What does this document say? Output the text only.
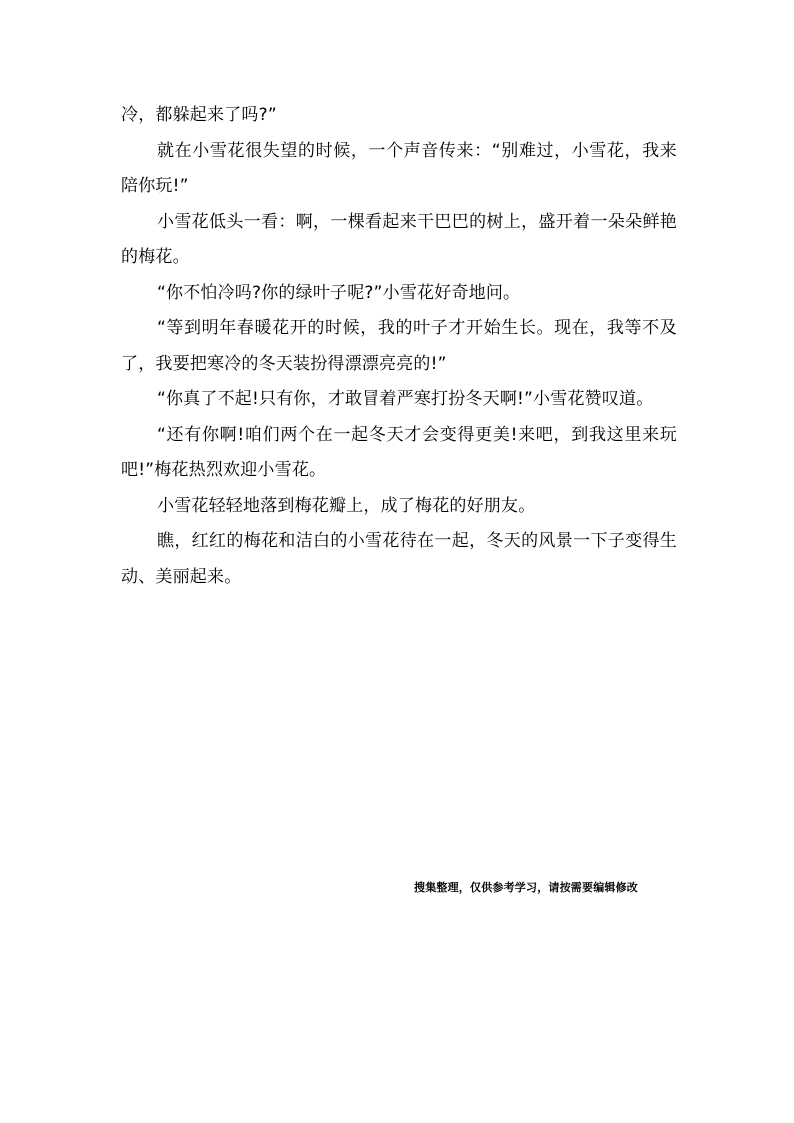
冷，都躲起来了吗?”

就在小雪花很失望的时候，一个声音传来：“别难过，小雪花，我来陪你玩!”

小雪花低头一看：啊，一棵看起来干巴巴的树上，盛开着一朵朵鲜艳的梅花。

“你不怕冷吗?你的绿叶子呢?”小雪花好奇地问。

“等到明年春暖花开的时候，我的叶子才开始生长。现在，我等不及了，我要把寒冷的冬天装扮得漂漂亮亮的!”

“你真了不起!只有你，才敢冒着严寒打扮冬天啊!”小雪花赞叹道。

“还有你啊!咱们两个在一起冬天才会变得更美!来吧，到我这里来玩吧!”梅花热烈欢迎小雪花。

小雪花轻轻地落到梅花瓣上，成了梅花的好朋友。

瞧，红红的梅花和洁白的小雪花待在一起，冬天的风景一下子变得生动、美丽起来。

搜集整理，仅供参考学习，请按需要编辑修改
